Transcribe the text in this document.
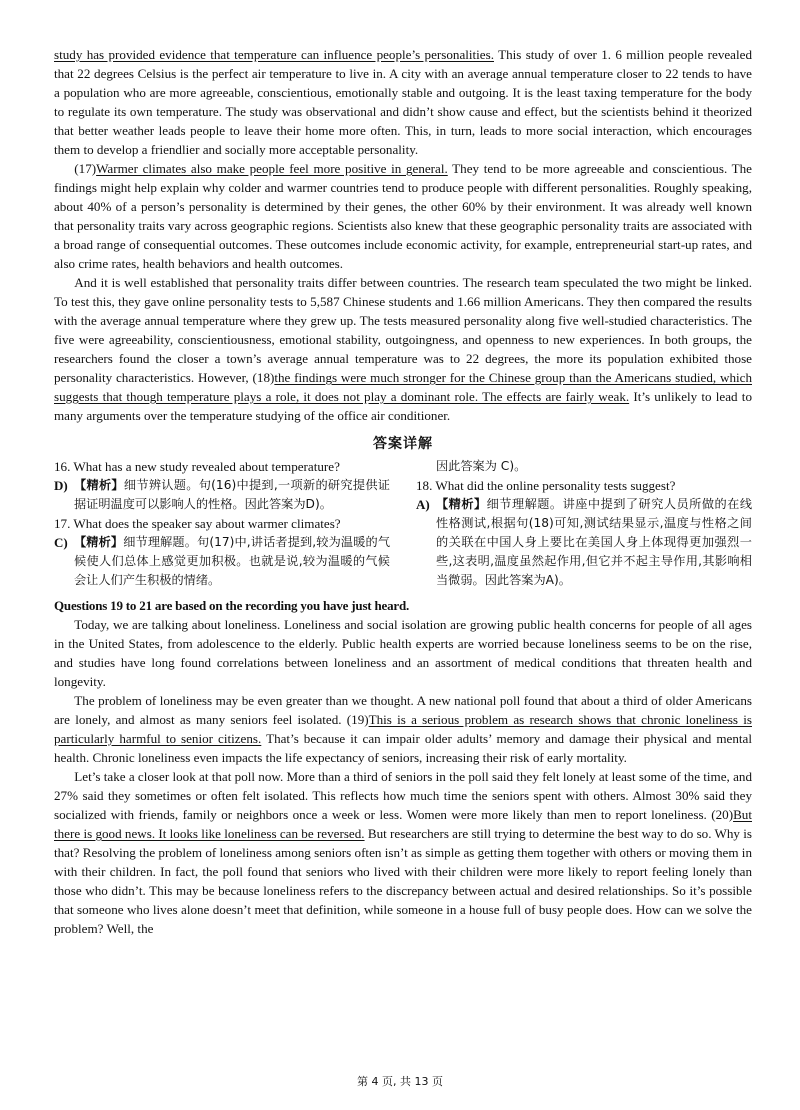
study has provided evidence that temperature can influence people’s personalities. This study of over 1. 6 million people revealed that 22 degrees Celsius is the perfect air temperature to live in. A city with an average annual temperature closer to 22 tends to have a population who are more agreeable, conscientious, emotionally stable and outgoing. It is the least taxing temperature for the body to regulate its own temperature. The study was observational and didn’t show cause and effect, but the scientists behind it theorized that better weather leads people to leave their home more often. This, in turn, leads to more social interaction, which encourages them to develop a friendlier and socially more acceptable personality.

(17)Warmer climates also make people feel more positive in general. They tend to be more agreeable and conscientious. The findings might help explain why colder and warmer countries tend to produce people with different personalities. Roughly speaking, about 40% of a person’s personality is determined by their genes, the other 60% by their environment. It was already well known that personality traits vary across geographic regions. Scientists also knew that these geographic personality traits are associated with a broad range of consequential outcomes. These outcomes include economic activity, for example, entrepreneurial start-up rates, and also crime rates, health behaviors and health outcomes.

And it is well established that personality traits differ between countries. The research team speculated the two might be linked. To test this, they gave online personality tests to 5,587 Chinese students and 1.66 million Americans. They then compared the results with the average annual temperature where they grew up. The tests measured personality along five well-studied characteristics. The five were agreeability, conscientiousness, emotional stability, outgoingness, and openness to new experiences. In both groups, the researchers found the closer a town’s average annual temperature was to 22 degrees, the more its population exhibited those personality characteristics. However, (18)the findings were much stronger for the Chinese group than the Americans studied, which suggests that though temperature plays a role, it does not play a dominant role. The effects are fairly weak. It’s unlikely to lead to many arguments over the temperature studying of the office air conditioner.

答案详解

16. What has a new study revealed about temperature?

D) 【精析】细节辨认题。句(16)中提到,一项新的研究提供证据证明温度可以影响人的性格。因此答案为D)。

17. What does the speaker say about warmer climates?

C) 【精析】细节理解题。句(17)中,讲话者提到,较为温暖的气候使人们总体上感觉更加积极。也就是说,较为温暖的气候会让人们产生积极的情绪。

因此答案为 C)。

18. What did the online personality tests suggest?

A) 【精析】细节理解题。讲座中提到了研究人员所做的在线性格测试,根据句(18)可知,测试结果显示,温度与性格之间的关联在中国人身上要比在美国人身上体现得更加强烈一些,这表明,温度虽然起作用,但它并不起主导作用,其影响相当微弱。因此答案为A)。

Questions 19 to 21 are based on the recording you have just heard.

Today, we are talking about loneliness. Loneliness and social isolation are growing public health concerns for people of all ages in the United States, from adolescence to the elderly. Public health experts are worried because loneliness seems to be on the rise, and studies have long found correlations between loneliness and an assortment of medical conditions that threaten health and longevity.

The problem of loneliness may be even greater than we thought. A new national poll found that about a third of older Americans are lonely, and almost as many seniors feel isolated. (19)This is a serious problem as research shows that chronic loneliness is particularly harmful to senior citizens. That’s because it can impair older adults’ memory and damage their physical and mental health. Chronic loneliness even impacts the life expectancy of seniors, increasing their risk of early mortality.

Let’s take a closer look at that poll now. More than a third of seniors in the poll said they felt lonely at least some of the time, and 27% said they sometimes or often felt isolated. This reflects how much time the seniors spent with others. Almost 30% said they socialized with friends, family or neighbors once a week or less. Women were more likely than men to report loneliness. (20)But there is good news. It looks like loneliness can be reversed. But researchers are still trying to determine the best way to do so. Why is that? Resolving the problem of loneliness among seniors often isn’t as simple as getting them together with others or moving them in with their children. In fact, the poll found that seniors who lived with their children were more likely to report feeling lonely than those who didn’t. This may be because loneliness refers to the discrepancy between actual and desired relationships. So it’s possible that someone who lives alone doesn’t meet that definition, while someone in a house full of busy people does. How can we solve the problem? Well, the

第 4 页, 共 13 页
